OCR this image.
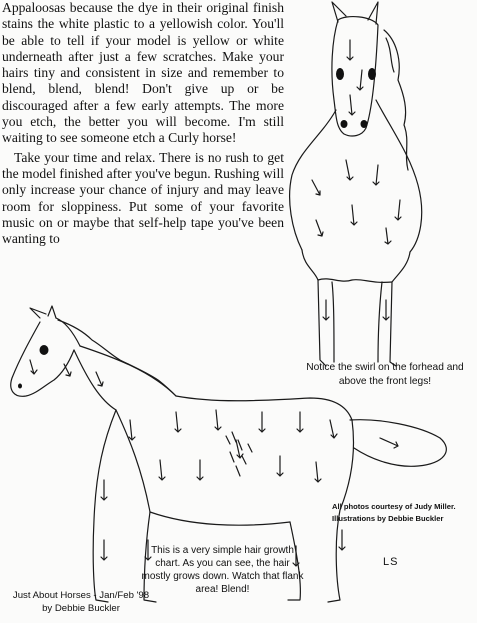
Appaloosas because the dye in their original finish stains the white plastic to a yellowish color. You'll be able to tell if your model is yellow or white underneath after just a few scratches. Make your hairs tiny and consistent in size and remember to blend, blend, blend! Don't give up or be discouraged after a few early attempts. The more you etch, the better you will become. I'm still waiting to see someone etch a Curly horse!

Take your time and relax. There is no rush to get the model finished after you've begun. Rushing will only increase your chance of injury and may leave room for sloppiness. Put some of your favorite music on or maybe that self-help tape you've been wanting to

Notice the swirl on the forhead and above the front legs!
All photos courtesy of Judy Miller.
Illustrations by Debbie Buckler
LS
This is a very simple hair growth chart. As you can see, the hair mostly grows down. Watch that flank area! Blend!
Just About Horses - Jan/Feb '98
by Debbie Buckler
